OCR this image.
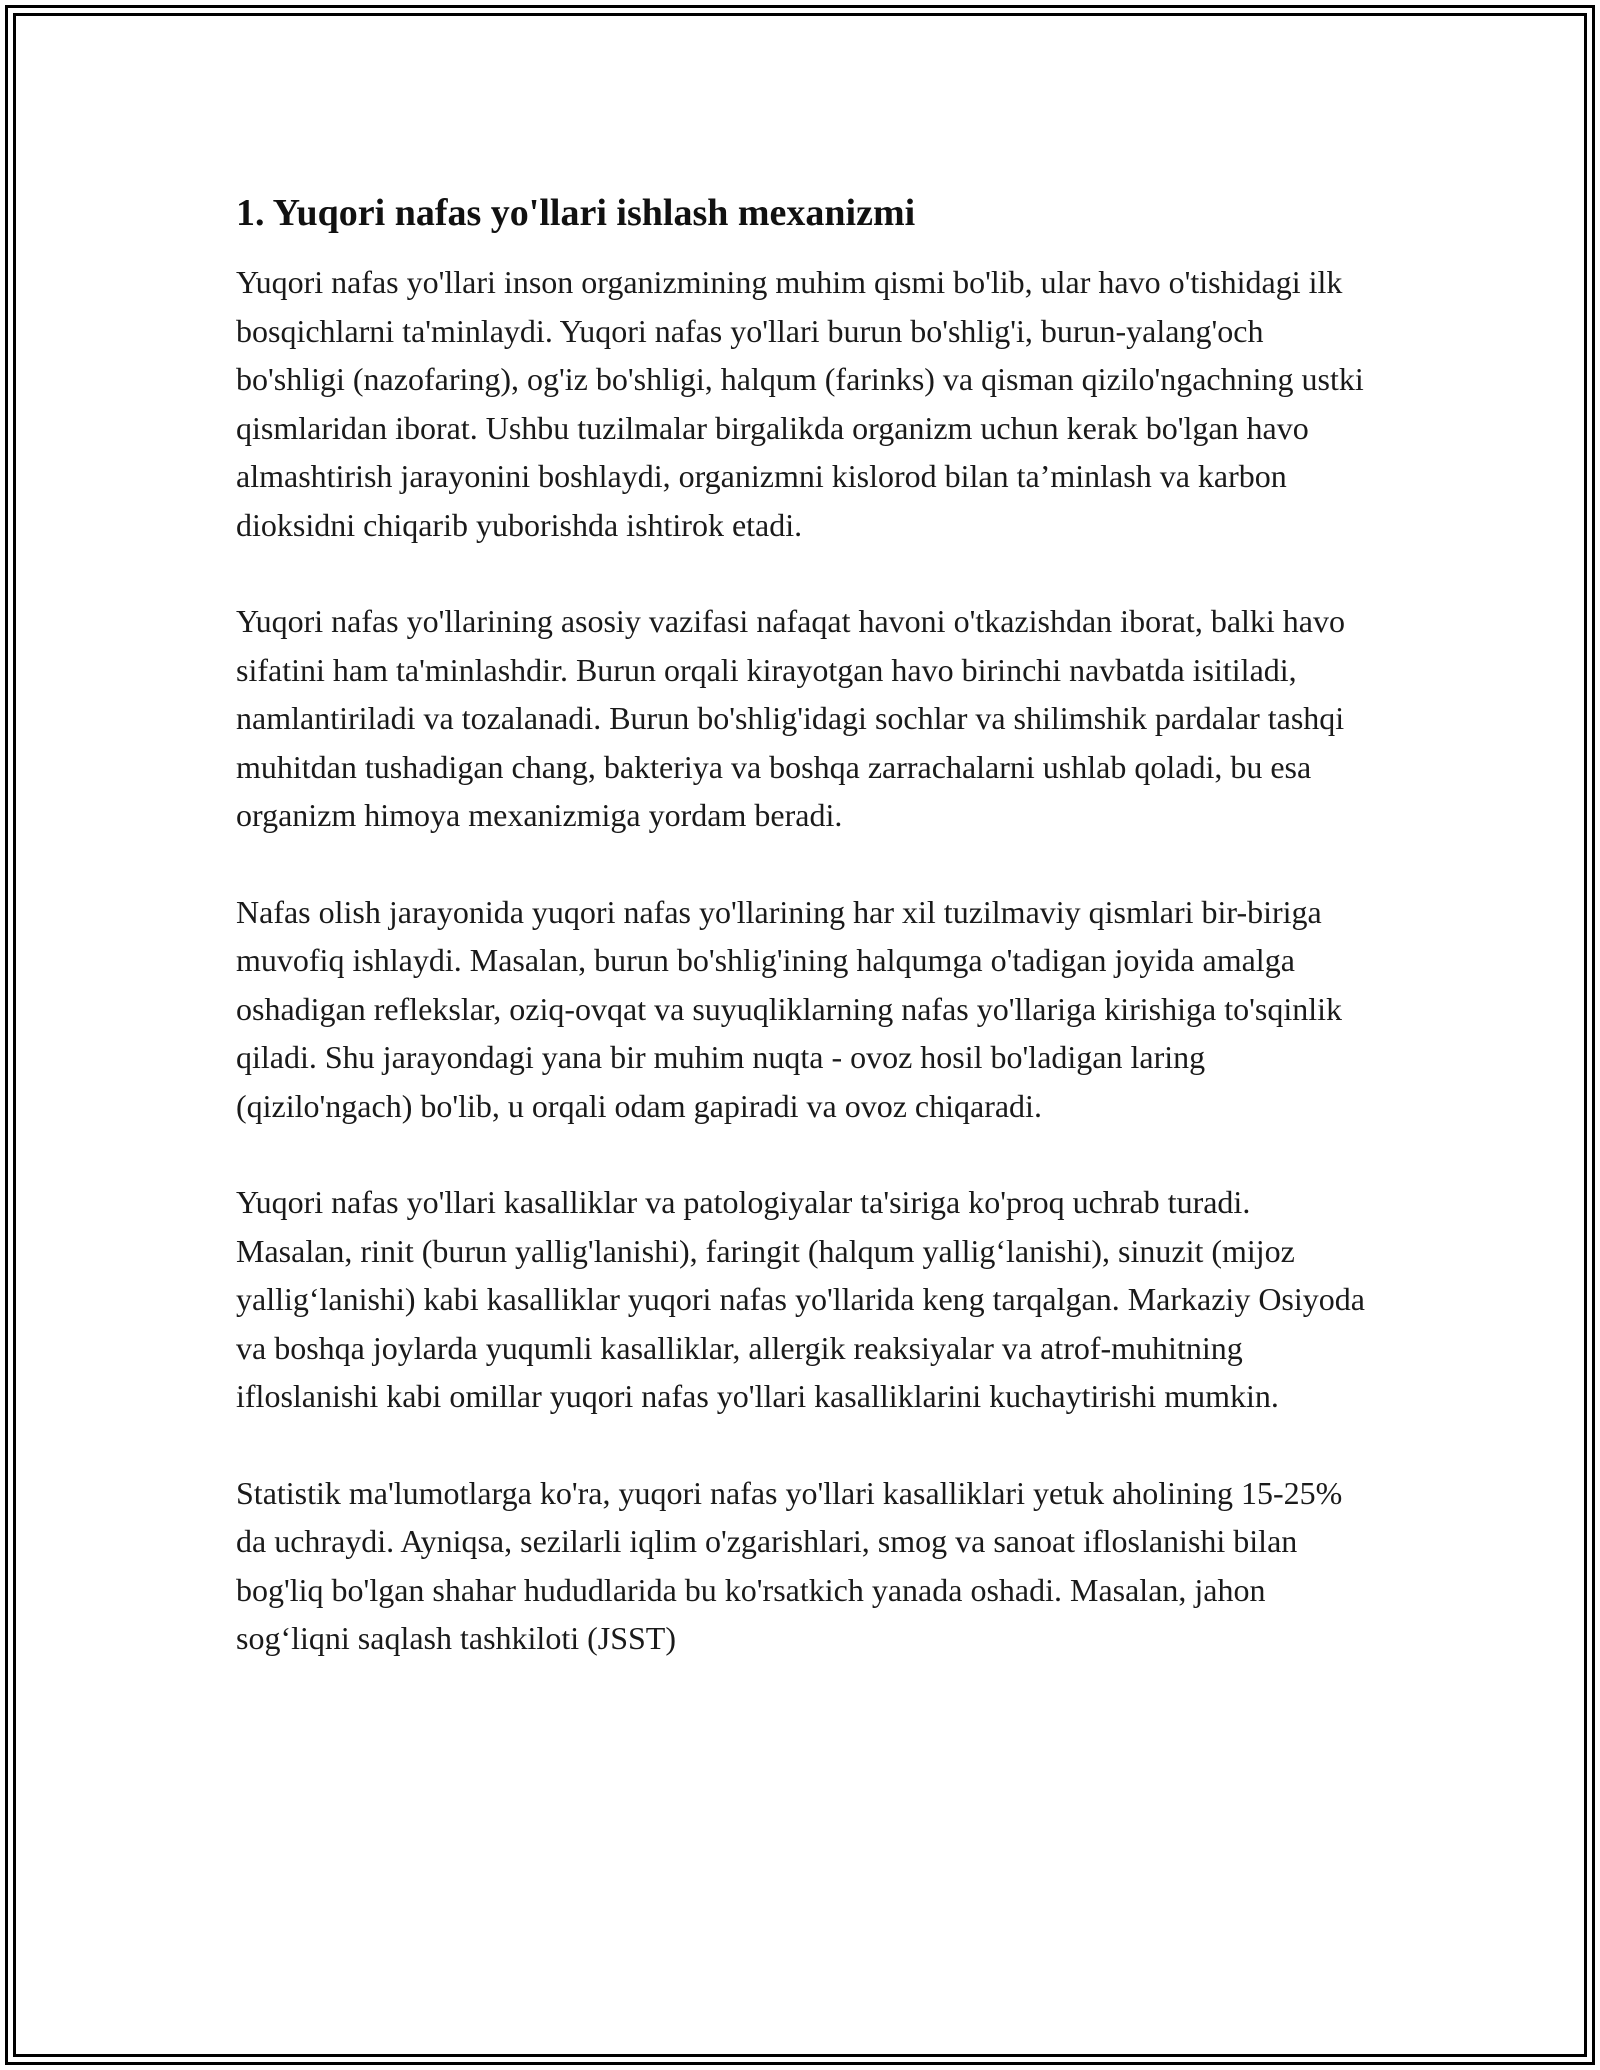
1. Yuqori nafas yo'llari ishlash mexanizmi

Yuqori nafas yo'llari inson organizmining muhim qismi bo'lib, ular havo o'tishidagi ilk bosqichlarni ta'minlaydi. Yuqori nafas yo'llari burun bo'shlig'i, burun-yalang'och bo'shligi (nazofaring), og'iz bo'shligi, halqum (farinks) va qisman qizilo'ngachning ustki qismlaridan iborat. Ushbu tuzilmalar birgalikda organizm uchun kerak bo'lgan havo almashtirish jarayonini boshlaydi, organizmni kislorod bilan ta’minlash va karbon dioksidni chiqarib yuborishda ishtirok etadi.

Yuqori nafas yo'llarining asosiy vazifasi nafaqat havoni o'tkazishdan iborat, balki havo sifatini ham ta'minlashdir. Burun orqali kirayotgan havo birinchi navbatda isitiladi, namlantiriladi va tozalanadi. Burun bo'shlig'idagi sochlar va shilimshik pardalar tashqi muhitdan tushadigan chang, bakteriya va boshqa zarrachalarni ushlab qoladi, bu esa organizm himoya mexanizmiga yordam beradi.

Nafas olish jarayonida yuqori nafas yo'llarining har xil tuzilmaviy qismlari bir-biriga muvofiq ishlaydi. Masalan, burun bo'shlig'ining halqumga o'tadigan joyida amalga oshadigan reflekslar, oziq-ovqat va suyuqliklarning nafas yo'llariga kirishiga to'sqinlik qiladi. Shu jarayondagi yana bir muhim nuqta - ovoz hosil bo'ladigan laring (qizilo'ngach) bo'lib, u orqali odam gapiradi va ovoz chiqaradi.

Yuqori nafas yo'llari kasalliklar va patologiyalar ta'siriga ko'proq uchrab turadi. Masalan, rinit (burun yallig'lanishi), faringit (halqum yallig‘lanishi), sinuzit (mijoz yallig‘lanishi) kabi kasalliklar yuqori nafas yo'llarida keng tarqalgan. Markaziy Osiyoda va boshqa joylarda yuqumli kasalliklar, allergik reaksiyalar va atrof-muhitning ifloslanishi kabi omillar yuqori nafas yo'llari kasalliklarini kuchaytirishi mumkin.

Statistik ma'lumotlarga ko'ra, yuqori nafas yo'llari kasalliklari yetuk aholining 15-25% da uchraydi. Ayniqsa, sezilarli iqlim o'zgarishlari, smog va sanoat ifloslanishi bilan bog'liq bo'lgan shahar hududlarida bu ko'rsatkich yanada oshadi. Masalan, jahon sog‘liqni saqlash tashkiloti (JSST)
